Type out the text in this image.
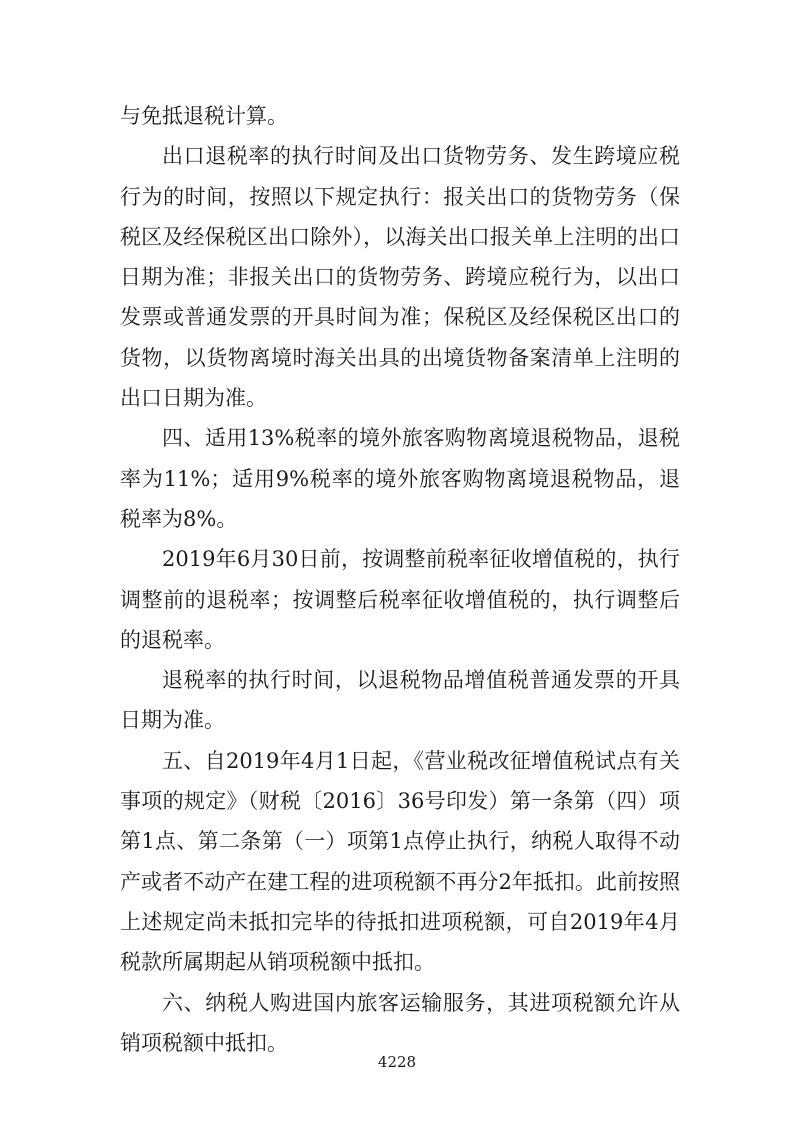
与免抵退税计算。

出口退税率的执行时间及出口货物劳务、发生跨境应税行为的时间，按照以下规定执行：报关出口的货物劳务（保税区及经保税区出口除外），以海关出口报关单上注明的出口日期为准；非报关出口的货物劳务、跨境应税行为，以出口发票或普通发票的开具时间为准；保税区及经保税区出口的货物，以货物离境时海关出具的出境货物备案清单上注明的出口日期为准。

四、适用13%税率的境外旅客购物离境退税物品，退税率为11%；适用9%税率的境外旅客购物离境退税物品，退税率为8%。

2019年6月30日前，按调整前税率征收增值税的，执行调整前的退税率；按调整后税率征收增值税的，执行调整后的退税率。

退税率的执行时间，以退税物品增值税普通发票的开具日期为准。

五、自2019年4月1日起，《营业税改征增值税试点有关事项的规定》（财税〔2016〕36号印发）第一条第（四）项第1点、第二条第（一）项第1点停止执行，纳税人取得不动产或者不动产在建工程的进项税额不再分2年抵扣。此前按照上述规定尚未抵扣完毕的待抵扣进项税额，可自2019年4月税款所属期起从销项税额中抵扣。

六、纳税人购进国内旅客运输服务，其进项税额允许从销项税额中抵扣。

4228
